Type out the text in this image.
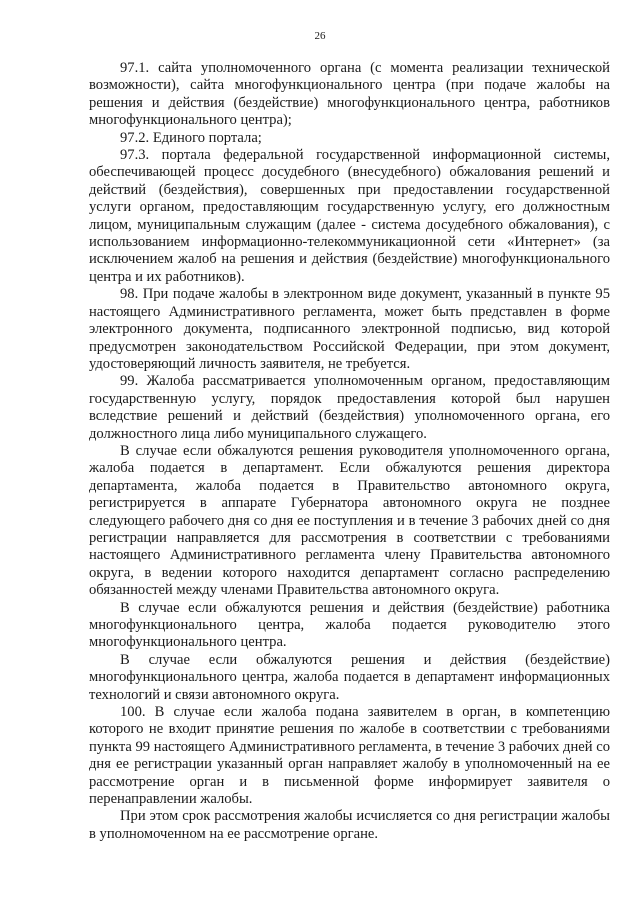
26

97.1. сайта уполномоченного органа (с момента реализации технической возможности), сайта многофункционального центра (при подаче жалобы на решения и действия (бездействие) многофункционального центра, работников многофункционального центра);

97.2. Единого портала;

97.3. портала федеральной государственной информационной системы, обеспечивающей процесс досудебного (внесудебного) обжалования решений и действий (бездействия), совершенных при предоставлении государственной услуги органом, предоставляющим государственную услугу, его должностным лицом, муниципальным служащим (далее - система досудебного обжалования), с использованием информационно-телекоммуникационной сети «Интернет» (за исключением жалоб на решения и действия (бездействие) многофункционального центра и их работников).

98. При подаче жалобы в электронном виде документ, указанный в пункте 95 настоящего Административного регламента, может быть представлен в форме электронного документа, подписанного электронной подписью, вид которой предусмотрен законодательством Российской Федерации, при этом документ, удостоверяющий личность заявителя, не требуется.

99. Жалоба рассматривается уполномоченным органом, предоставляющим государственную услугу, порядок предоставления которой был нарушен вследствие решений и действий (бездействия) уполномоченного органа, его должностного лица либо муниципального служащего.

В случае если обжалуются решения руководителя уполномоченного органа, жалоба подается в департамент. Если обжалуются решения директора департамента, жалоба подается в Правительство автономного округа, регистрируется в аппарате Губернатора автономного округа не позднее следующего рабочего дня со дня ее поступления и в течение 3 рабочих дней со дня регистрации направляется для рассмотрения в соответствии с требованиями настоящего Административного регламента члену Правительства автономного округа, в ведении которого находится департамент согласно распределению обязанностей между членами Правительства автономного округа.

В случае если обжалуются решения и действия (бездействие) работника многофункционального центра, жалоба подается руководителю этого многофункционального центра.

В случае если обжалуются решения и действия (бездействие) многофункционального центра, жалоба подается в департамент информационных технологий и связи автономного округа.

100. В случае если жалоба подана заявителем в орган, в компетенцию которого не входит принятие решения по жалобе в соответствии с требованиями пункта 99 настоящего Административного регламента, в течение 3 рабочих дней со дня ее регистрации указанный орган направляет жалобу в уполномоченный на ее рассмотрение орган и в письменной форме информирует заявителя о перенаправлении жалобы.

При этом срок рассмотрения жалобы исчисляется со дня регистрации жалобы в уполномоченном на ее рассмотрение органе.
